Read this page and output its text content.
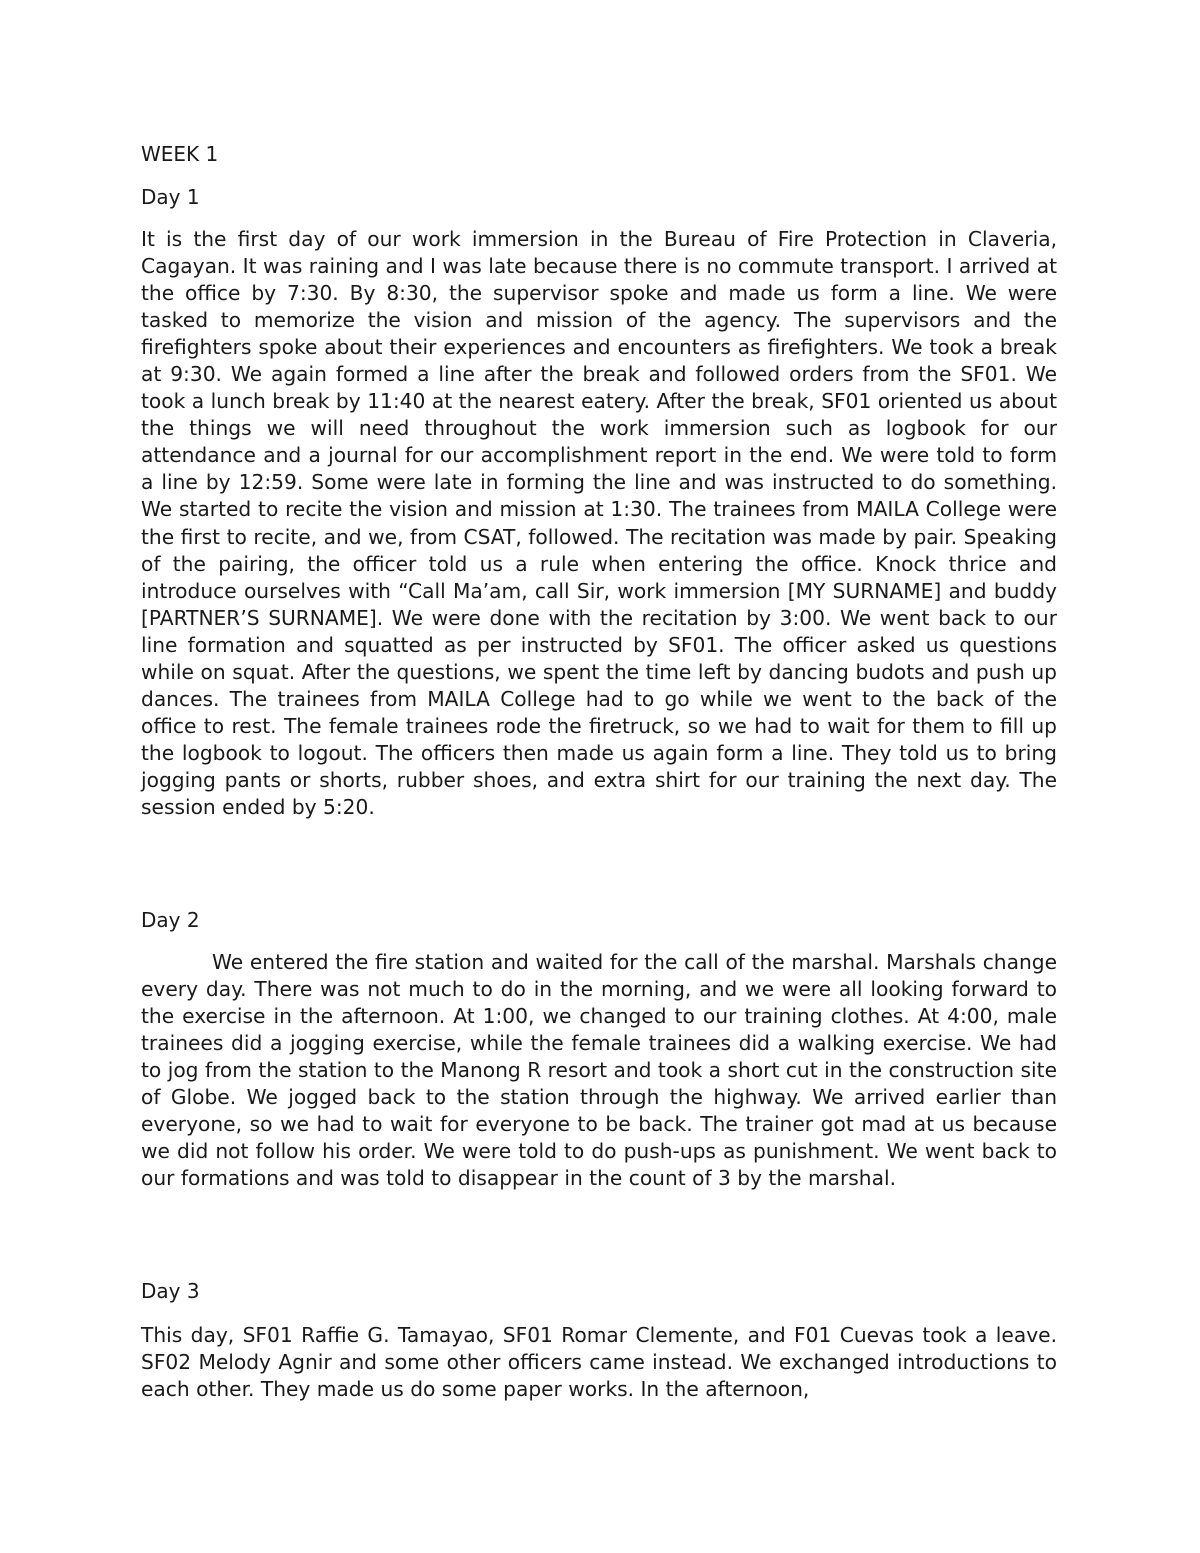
WEEK 1
Day 1

It is the first day of our work immersion in the Bureau of Fire Protection in Claveria, Cagayan. It was raining and I was late because there is no commute transport. I arrived at the office by 7:30. By 8:30, the supervisor spoke and made us form a line. We were tasked to memorize the vision and mission of the agency. The supervisors and the firefighters spoke about their experiences and encounters as firefighters. We took a break at 9:30. We again formed a line after the break and followed orders from the SF01. We took a lunch break by 11:40 at the nearest eatery. After the break, SF01 oriented us about the things we will need throughout the work immersion such as logbook for our attendance and a journal for our accomplishment report in the end. We were told to form a line by 12:59. Some were late in forming the line and was instructed to do something. We started to recite the vision and mission at 1:30. The trainees from MAILA College were the first to recite, and we, from CSAT, followed. The recitation was made by pair. Speaking of the pairing, the officer told us a rule when entering the office. Knock thrice and introduce ourselves with “Call Ma’am, call Sir, work immersion [MY SURNAME] and buddy [PARTNER’S SURNAME]. We were done with the recitation by 3:00. We went back to our line formation and squatted as per instructed by SF01. The officer asked us questions while on squat. After the questions, we spent the time left by dancing budots and push up dances. The trainees from MAILA College had to go while we went to the back of the office to rest. The female trainees rode the firetruck, so we had to wait for them to fill up the logbook to logout. The officers then made us again form a line. They told us to bring jogging pants or shorts, rubber shoes, and extra shirt for our training the next day. The session ended by 5:20.

Day 2

We entered the fire station and waited for the call of the marshal. Marshals change every day. There was not much to do in the morning, and we were all looking forward to the exercise in the afternoon. At 1:00, we changed to our training clothes. At 4:00, male trainees did a jogging exercise, while the female trainees did a walking exercise. We had to jog from the station to the Manong R resort and took a short cut in the construction site of Globe. We jogged back to the station through the highway. We arrived earlier than everyone, so we had to wait for everyone to be back. The trainer got mad at us because we did not follow his order. We were told to do push-ups as punishment. We went back to our formations and was told to disappear in the count of 3 by the marshal.

Day 3

This day, SF01 Raffie G. Tamayao, SF01 Romar Clemente, and F01 Cuevas took a leave. SF02 Melody Agnir and some other officers came instead. We exchanged introductions to each other. They made us do some paper works. In the afternoon,
